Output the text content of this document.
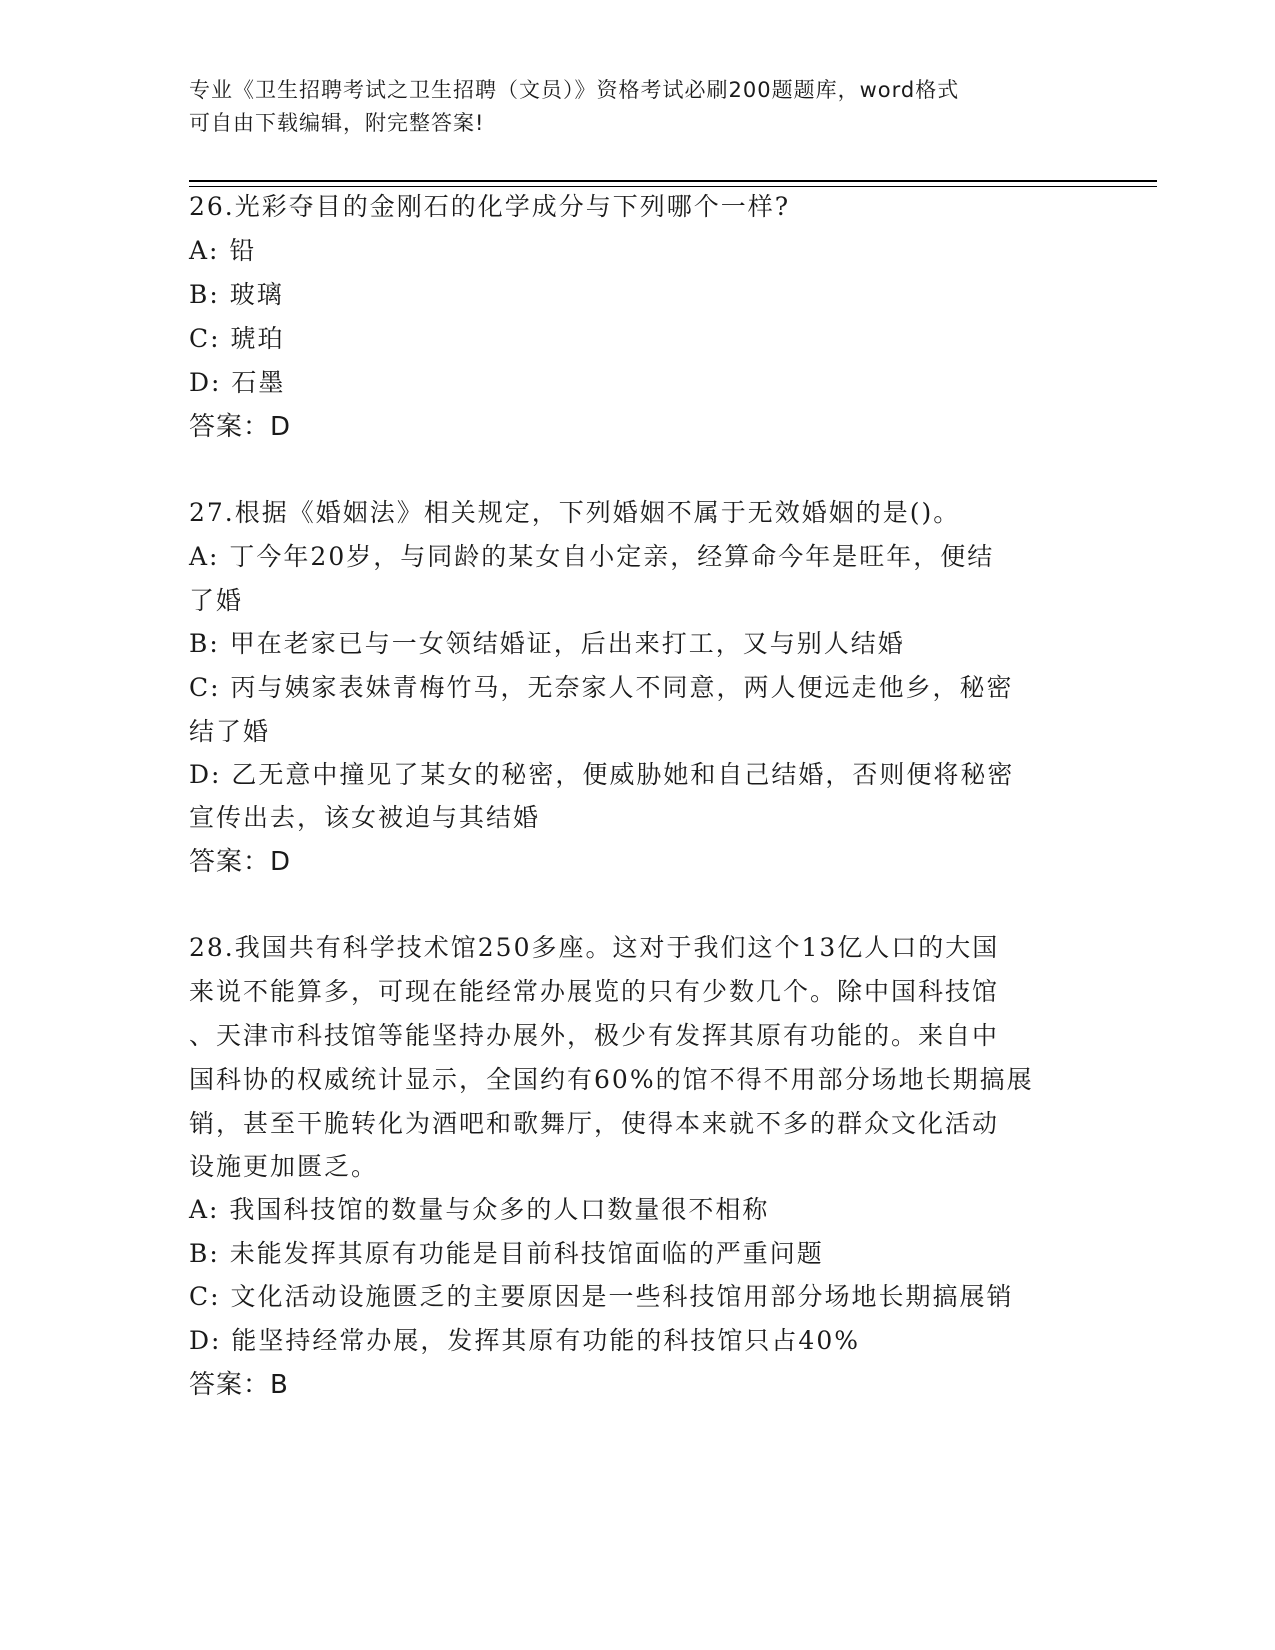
专业《卫生招聘考试之卫生招聘（文员）》资格考试必刷200题题库，word格式
可自由下载编辑，附完整答案!
26.光彩夺目的金刚石的化学成分与下列哪个一样?
A: 铅
B: 玻璃
C: 琥珀
D: 石墨
答案：D
27.根据《婚姻法》相关规定，下列婚姻不属于无效婚姻的是()。
A: 丁今年20岁，与同龄的某女自小定亲，经算命今年是旺年，便结
了婚
B: 甲在老家已与一女领结婚证，后出来打工，又与别人结婚
C: 丙与姨家表妹青梅竹马，无奈家人不同意，两人便远走他乡，秘密
结了婚
D: 乙无意中撞见了某女的秘密，便威胁她和自己结婚，否则便将秘密
宣传出去，该女被迫与其结婚
答案：D
28.我国共有科学技术馆250多座。这对于我们这个13亿人口的大国
来说不能算多，可现在能经常办展览的只有少数几个。除中国科技馆
、天津市科技馆等能坚持办展外，极少有发挥其原有功能的。来自中
国科协的权威统计显示，全国约有60%的馆不得不用部分场地长期搞展
销，甚至干脆转化为酒吧和歌舞厅，使得本来就不多的群众文化活动
设施更加匮乏。
A: 我国科技馆的数量与众多的人口数量很不相称
B: 未能发挥其原有功能是目前科技馆面临的严重问题
C: 文化活动设施匮乏的主要原因是一些科技馆用部分场地长期搞展销
D: 能坚持经常办展，发挥其原有功能的科技馆只占40%
答案：B
